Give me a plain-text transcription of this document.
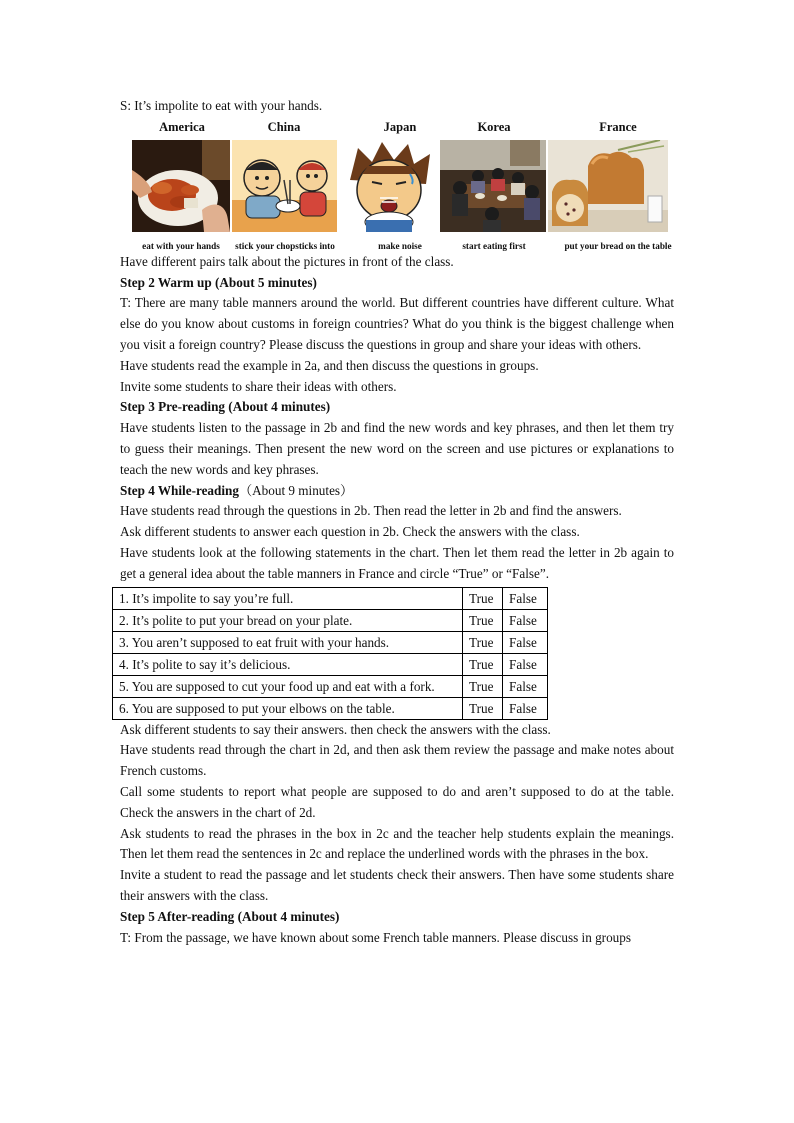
S: It’s impolite to eat with your hands.

America
eat with your hands
China
stick your chopsticks into
Japan
make noise
Korea
start eating first
France
put your bread on the table

Have different pairs talk about the pictures in front of the class.

Step 2 Warm up (About 5 minutes)

T: There are many table manners around the world. But different countries have different culture. What else do you know about customs in foreign countries? What do you think is the biggest challenge when you visit a foreign country? Please discuss the questions in group and share your ideas with others.

Have students read the example in 2a, and then discuss the questions in groups.

Invite some students to share their ideas with others.

Step 3 Pre-reading (About 4 minutes)

Have students listen to the passage in 2b and find the new words and key phrases, and then let them try to guess their meanings. Then present the new word on the screen and use pictures or explanations to teach the new words and key phrases.

Step 4 While-reading（About 9 minutes）

Have students read through the questions in 2b. Then read the letter in 2b and find the answers.

Ask different students to answer each question in 2b. Check the answers with the class.

Have students look at the following statements in the chart. Then let them read the letter in 2b again to get a general idea about the table manners in France and circle “True” or “False”.

1. It’s impolite to say you’re full.	True	False
2. It’s polite to put your bread on your plate.	True	False
3. You aren’t supposed to eat fruit with your hands.	True	False
4. It’s polite to say it’s delicious.	True	False
5. You are supposed to cut your food up and eat with a fork.	True	False
6. You are supposed to put your elbows on the table.	True	False

Ask different students to say their answers. then check the answers with the class.

Have students read through the chart in 2d, and then ask them review the passage and make notes about French customs.

Call some students to report what people are supposed to do and aren’t supposed to do at the table. Check the answers in the chart of 2d.

Ask students to read the phrases in the box in 2c and the teacher help students explain the meanings. Then let them read the sentences in 2c and replace the underlined words with the phrases in the box.

Invite a student to read the passage and let students check their answers. Then have some students share their answers with the class.

Step 5 After-reading (About 4 minutes)

T: From the passage, we have known about some French table manners. Please discuss in groups
